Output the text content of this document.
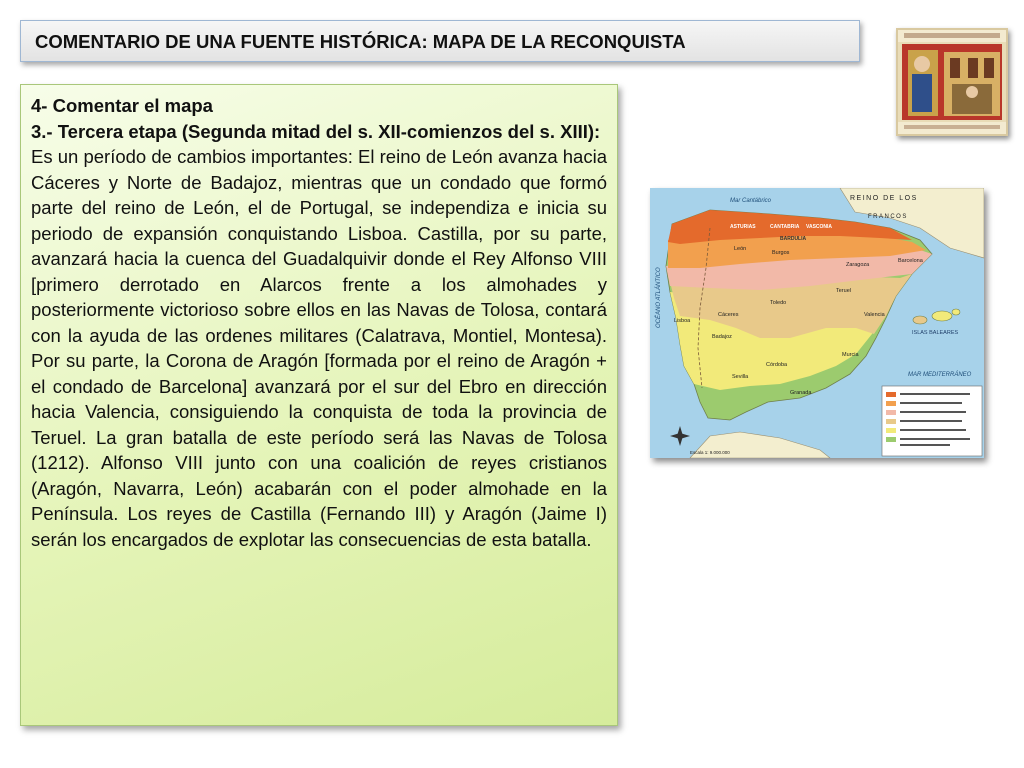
COMENTARIO DE UNA FUENTE HISTÓRICA: MAPA DE LA RECONQUISTA
4- Comentar el mapa

3.- Tercera etapa (Segunda mitad del s. XII-comienzos del s. XIII):

Es un período de cambios importantes: El reino de León avanza hacia Cáceres y Norte de Badajoz, mientras que un condado que formó parte del reino de León, el de Portugal, se independiza e inicia su periodo de expansión conquistando Lisboa. Castilla, por su parte, avanzará hacia la cuenca del Guadalquivir donde el Rey Alfonso VIII [primero derrotado en Alarcos frente a los almohades y posteriormente victorioso sobre ellos en las Navas de Tolosa, contará con la ayuda de las ordenes militares (Calatrava, Montiel, Montesa). Por su parte, la Corona de Aragón [formada por el reino de Aragón + el condado de Barcelona] avanzará por el sur del Ebro en dirección hacia Valencia, consiguiendo la conquista de toda la provincia de Teruel. La gran batalla de este período será las Navas de Tolosa (1212). Alfonso VIII junto con una coalición de reyes cristianos (Aragón, Navarra, León) acabarán con el poder almohade en la Península. Los reyes de Castilla (Fernando III) y Aragón (Jaime I) serán los encargados de explotar las consecuencias de esta batalla.

REINO DE LOS
FRANCOS
Mar Cantábrico
OCÉANO ATLÁNTICO
MAR MEDITERRÁNEO
ISLAS BALEARES
ASTURIAS	CANTABRIA VASCONIA
BARDULIA
León
Burgos
Zaragoza
Barcelona
Toledo
Córdoba
Sevilla
Granada
Valencia
Lisboa
Badajoz
Cáceres
Teruel
Murcia
Escala 1: 9.000.000
